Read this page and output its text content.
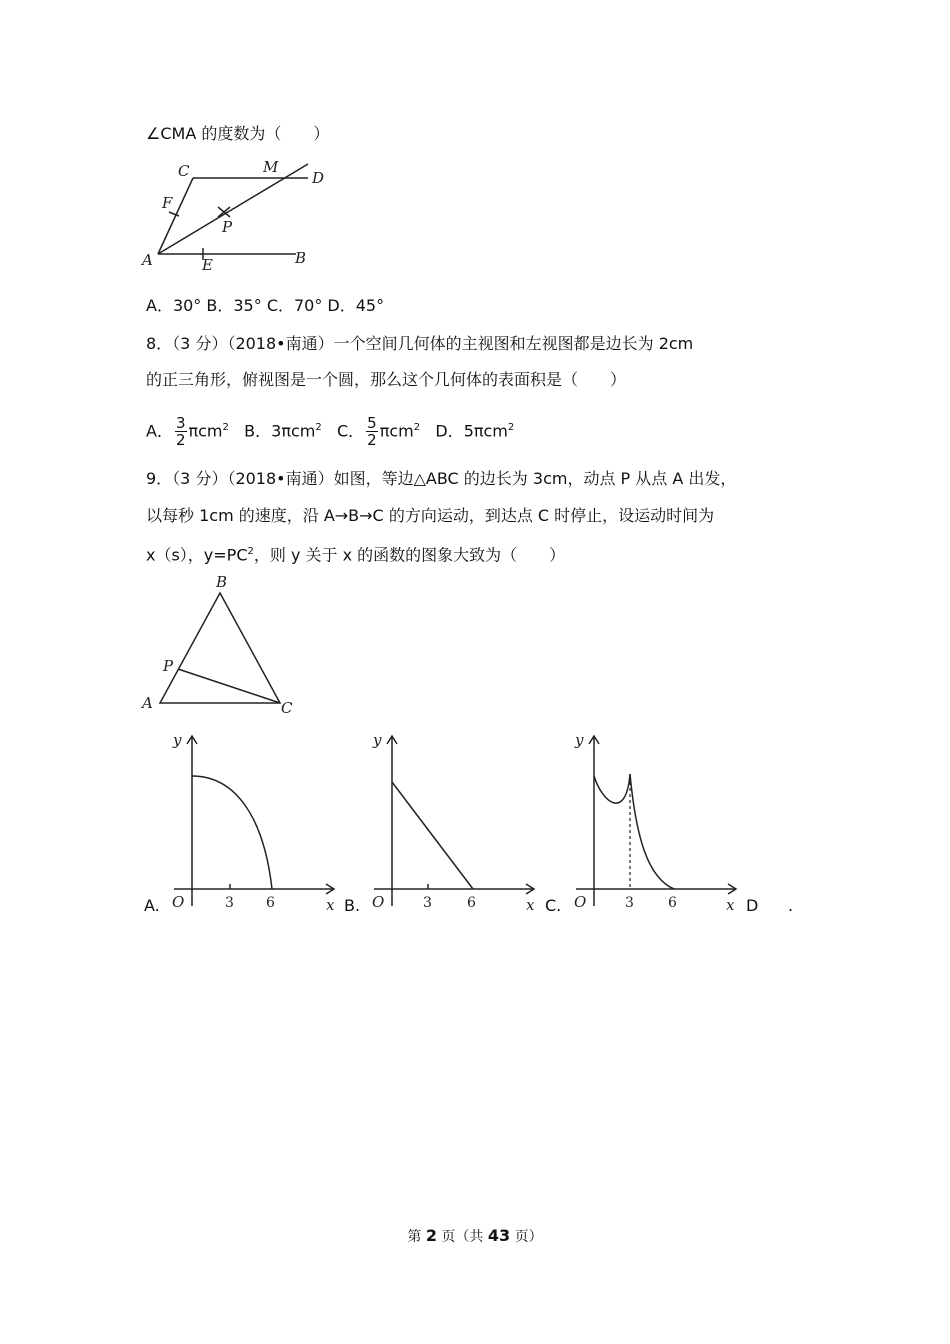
∠CMA 的度数为（　　）
C	M
D
F
P
A	E	B
A．30° B．35° C．70° D．45°
8．（3 分）（2018•南通）一个空间几何体的主视图和左视图都是边长为 2cm
的正三角形，俯视图是一个圆，那么这个几何体的表面积是（　　）
A． $\frac{3}{2} \pi cm^2$ B．3πcm$^2$ C． $\frac{5}{2} \pi cm^2$ D．5πcm$^2$
9．（3 分）（2018•南通）如图，等边△ABC 的边长为 3cm，动点 P 从点 A 出发，
以每秒 1cm 的速度，沿 A→B→C 的方向运动，到达点 C 时停止，设运动时间为
x（s），$y=PC^2$，则 y 关于 x 的函数的图象大致为（　　）
B
P
A	C
A.
y
O	x
3 6	B.
y
O	x
3	6	C.
y
O	x
3 6	D .
第 2 页（共 43 页）
